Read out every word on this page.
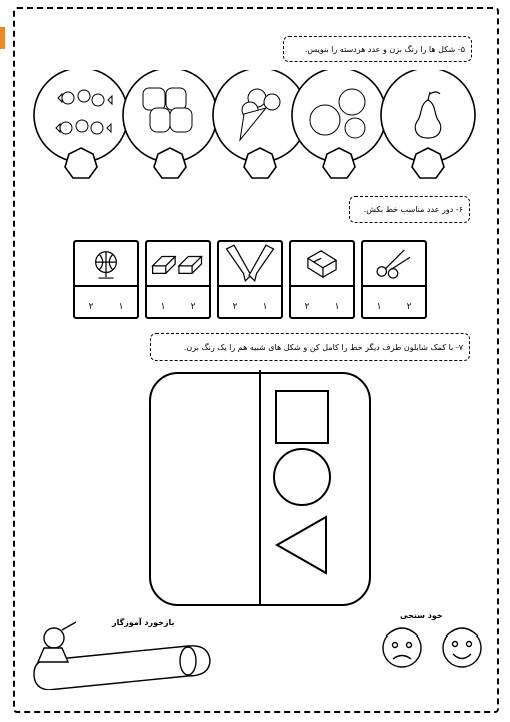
۵- شکل ها را رنگ بزن و عدد هردسته را بنویس.
۶- دور عدد مناسب خط بکش.
۲	۱	۱	۲	۲	۱	۲	۱	۱	۲
۷- با کمک شابلون طرف دیگر خط را کامل کن و شکل های شبیه هم را یک رنگ بزن.
بازخورد آموزگار
خود سنجی
